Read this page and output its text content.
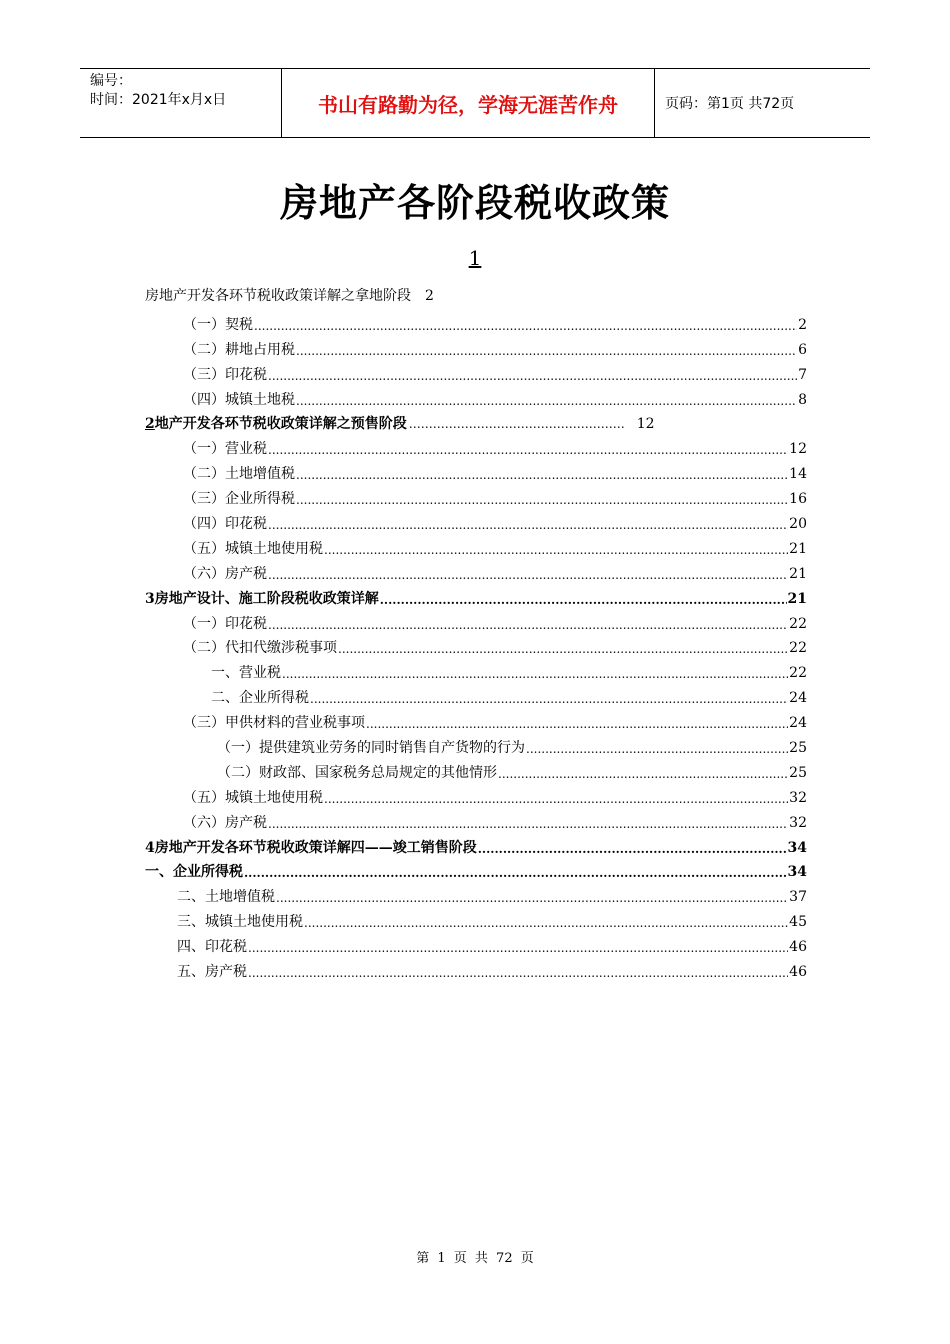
编号：
时间：2021年x月x日	书山有路勤为径，学海无涯苦作舟	页码：第1页 共72页
房地产各阶段税收政策
1
房地产开发各环节税收政策详解之拿地阶段 2
（一）契税 .....	2
（二）耕地占用税 .....	6
（三）印花税 .....	7
（四）城镇土地税 .....	8
2 地产开发各环节税收政策详解之预售阶段 ……………………………………………… 12
（一）营业税 .....	12
（二）土地增值税 .....	14
（三）企业所得税 .....	16
（四）印花税 .....	20
（五）城镇土地使用税 .....	21
（六）房产税 .....	21
3房地产设计、施工阶段税收政策详解 .....	21
（一）印花税 .....	22
（二）代扣代缴涉税事项 .....	22
一、营业税 .....	22
二、企业所得税 .....	24
（三）甲供材料的营业税事项 .....	24
（一）提供建筑业劳务的同时销售自产货物的行为 .....	25
（二）财政部、国家税务总局规定的其他情形 .....	25
（五）城镇土地使用税 .....	32
（六）房产税 .....	32
4房地产开发各环节税收政策详解四——竣工销售阶段 .....	34
一、企业所得税 .....	34
二、土地增值税 .....	37
三、城镇土地使用税 .....	45
四、印花税 .....	46
五、房产税 .....	46
第 1 页 共 72 页
